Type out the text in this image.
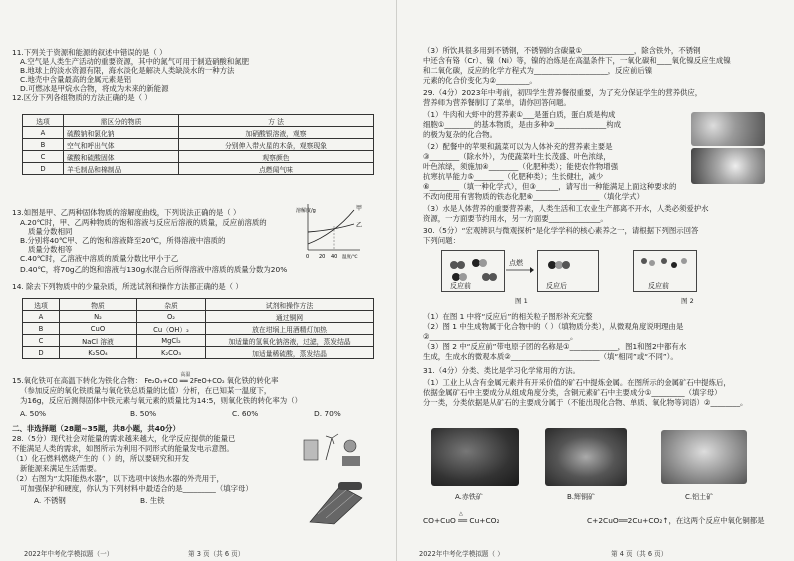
11.下列关于资源和能源的叙述中错误的是（ ）
A.空气是人类生产活动的重要资源，其中的氮气可用于制造硝酸和氮肥
B.地球上的淡水资源有限，海水淡化是解决人类缺淡水的一种方法
C.地壳中含量最高的金属元素是铝
D.可燃冰是甲烷水合物，将成为未来的新能源
12.区分下列各组物质的方法正确的是（ ）
选项	需区分的物质	方 法
A	硫酸钠和氯化钠	加硝酸银溶液，观察
B	空气和呼出气体	分别伸入带火星的木条，观察现象
C	碳酸和硫酸固体	观察颜色
D	羊毛制品和棉制品	点燃闻气味
13.如图是甲、乙两种固体物质的溶解度曲线，下列说法正确的是（ ）
A.20℃时，甲、乙两种物质的饱和溶液与反应后溶液的质量，反应前溶质的
质量分数相同
B.分别将40℃甲、乙的饱和溶液降至20℃，所得溶液中溶质的
质量分数相等
C.40℃时，乙溶液中溶质的质量分数比甲小于乙
D.40℃，将70g乙的饱和溶液与130g水混合后所得溶液中溶质的质量分数为20%
溶解度/g	甲
乙
0 20 40 温度/℃
14. 除去下列物质中的少量杂质，所选试剂和操作方法都正确的是（ ）
选项	物质	杂质	试剂和操作方法
A	N₂	O₂	通过铜网
B	CuO	Cu（OH）₂	放在坩埚上用酒精灯加热
C	NaCl 溶液	MgCl₂	加适量的氢氧化钠溶液，过滤，蒸发结晶
D	K₂SO₄	K₂CO₃	加适量稀硫酸，蒸发结晶
15.氧化铁可在高温下转化为铁化合物：
高温
Fe₂O₃+CO ══ 2FeO+CO₂ 氧化铁的转化率
（参加反应的氧化铁质量与氧化铁总质量的比值）分析，在已知某一温度下，
为16g，反应后测得固体中铁元素与氧元素的质量比为14:5，则氧化铁的转化率为（）
A. 50%	B. 50%	C. 60%	D. 70%
二、非选择题（28题~35题，共8小题，共40分）
28.（5分）现代社会对能量的需求越来越大，化学反应提供的能量已
不能满足人类的需求，如图所示为利用不同形式的能量发电示意图。
（1）化石燃料燃烧产生的（ ）的，所以要研究和开发
新能源来满足生活需要。
（2）右图为“太阳能热水器”，以下选项中该热水器的外壳用于，
可加强保护和硬度，你认为下列材料中最适合的是_________（填字母）
A. 不锈钢	B. 生铁
2022年中考化学模拟题（一）	第 3 页（共 6 页）
（3）所饮具很多用到不锈钢，不锈钢的含碳量①______________，除含铁外，不锈钢
中还含有铬（Cr）、镍（Ni）等，镍的冶炼是在高温条件下，一氧化碳和____氧化镍反应生成镍
和二氧化碳，反应的化学方程式为____________________，反应前后镍
元素的化合价变化为②_________。
29.（4分）2023年中考前，初四学生营养餐很重要，为了充分保证学生的营养供应，
营养师为营养餐制订了菜单，请你回答问题。
（1）牛肉和大虾中的营养素①___是蛋白质，蛋白质是构成
细胞①________的基本物质，是由多种②______________构成
的极为复杂的化合物。
（2）配餐中的苹果和蔬菜可以为人体补充的营养素主要是
③________（除水外），为使蔬菜叶生长茂盛、叶色浓绿，
叶色浓绿，须施加④________（化肥种类）；能使农作物增强
抗寒抗旱能力⑤________（化肥种类）；生长健壮，减少
⑥________（填一种化学式），但③______，请写出一种能满足上面这种要求的
不改向使用有害物质的铁态化肥⑥__________________（填化学式）
（3）水是人体营养的重要营养素，人类生活和工农业生产都离不开水，人类必须爱护水
资源，一方面要节约用水，另一方面要______________。
30.（5分）“宏观辨识与微观探析”是化学学科的核心素养之一，请根据下列图示回答
下列问题：
反应前
点燃
反应后	反应前
图 1	图 2
（1）在图 1 中将“反应后”的相关粒子图形补充完整
（2）图 1 中生成物属于化合物中的（ ）（填物质分类），从微观角度说明理由是
②______________________________________。
（3）图 2 中“反应前”带电原子团的名称是①_____________，图1和图2中都有水
生成，生成水的微观本质②________________________（填“相同”或“不同”）。
31.（4分）分类、类比是学习化学常用的方法。
（1）工业上从含有金属元素并有开采价值的矿石中提炼金属。在图所示的金属矿石中提炼后，
依据金属矿石中主要成分从组成角度分类，含铜元素矿石中主要成分①_________（填字母）
分一类，分类依据是从矿石的主要成分属于（不能出现化合物、单质、氧化物等词语）②________。
A.赤铁矿	B.辉铜矿	C.铝土矿
△
CO+CuO ══ Cu+CO₂	C+2CuO══2Cu+CO₂↑，在这两个反应中氧化铜都是
2022年中考化学模拟题（ ）	第 4 页（共 6 页）
